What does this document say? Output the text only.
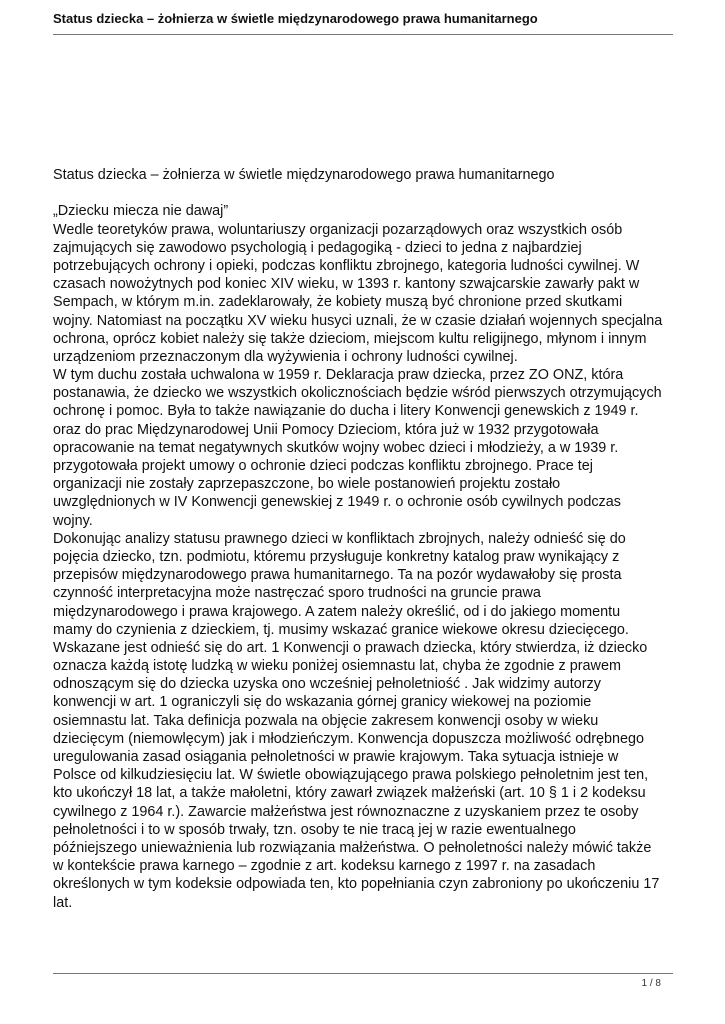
Status dziecka – żołnierza w świetle międzynarodowego prawa humanitarnego
Status dziecka – żołnierza w świetle międzynarodowego prawa humanitarnego
„Dziecku miecza nie dawaj”
Wedle teoretyków prawa, woluntariuszy organizacji pozarządowych oraz wszystkich osób
zajmujących się zawodowo psychologią i pedagogiką - dzieci to jedna z najbardziej
potrzebujących ochrony i opieki, podczas konfliktu zbrojnego, kategoria ludności cywilnej. W
czasach nowożytnych pod koniec XIV wieku, w 1393 r. kantony szwajcarskie zawarły pakt w
Sempach, w którym m.in. zadeklarowały, że kobiety muszą być chronione przed skutkami
wojny. Natomiast na początku XV wieku husyci uznali, że w czasie działań wojennych specjalna
ochrona, oprócz kobiet należy się także dzieciom, miejscom kultu religijnego, młynom i innym
urządzeniom przeznaczonym dla wyżywienia i ochrony ludności cywilnej.
W tym duchu została uchwalona w 1959 r. Deklaracja praw dziecka, przez ZO ONZ, która
postanawia, że dziecko we wszystkich okolicznościach będzie wśród pierwszych otrzymujących
ochronę i pomoc. Była to także nawiązanie do ducha i litery Konwencji genewskich z 1949 r.
oraz do prac Międzynarodowej Unii Pomocy Dzieciom, która już w 1932 przygotowała
opracowanie na temat negatywnych skutków wojny wobec dzieci i młodzieży, a w 1939 r.
przygotowała projekt umowy o ochronie dzieci podczas konfliktu zbrojnego. Prace tej
organizacji nie zostały zaprzepaszczone, bo wiele postanowień projektu zostało
uwzględnionych w IV Konwencji genewskiej z 1949 r. o ochronie osób cywilnych podczas
wojny.
Dokonując analizy statusu prawnego dzieci w konfliktach zbrojnych, należy odnieść się do
pojęcia dziecko, tzn. podmiotu, któremu przysługuje konkretny katalog praw wynikający z
przepisów międzynarodowego prawa humanitarnego. Ta na pozór wydawałoby się prosta
czynność interpretacyjna może nastręczać sporo trudności na gruncie prawa
międzynarodowego i prawa krajowego. A zatem należy określić, od i do jakiego momentu
mamy do czynienia z dzieckiem, tj. musimy wskazać granice wiekowe okresu dziecięcego.
Wskazane jest odnieść się do art. 1 Konwencji o prawach dziecka, który stwierdza, iż dziecko
oznacza każdą istotę ludzką w wieku poniżej osiemnastu lat, chyba że zgodnie z prawem
odnoszącym się do dziecka uzyska ono wcześniej pełnoletniość . Jak widzimy autorzy
konwencji w art. 1 ograniczyli się do wskazania górnej granicy wiekowej na poziomie
osiemnastu lat. Taka definicja pozwala na objęcie zakresem konwencji osoby w wieku
dziecięcym (niemowlęcym) jak i młodzieńczym. Konwencja dopuszcza możliwość odrębnego
uregulowania zasad osiągania pełnoletności w prawie krajowym. Taka sytuacja istnieje w
Polsce od kilkudziesięciu lat. W świetle obowiązującego prawa polskiego pełnoletnim jest ten,
kto ukończył 18 lat, a także małoletni, który zawarł związek małżeński (art. 10 § 1 i 2 kodeksu
cywilnego z 1964 r.). Zawarcie małżeństwa jest równoznaczne z uzyskaniem przez te osoby
pełnoletności i to w sposób trwały, tzn. osoby te nie tracą jej w razie ewentualnego
późniejszego unieważnienia lub rozwiązania małżeństwa. O pełnoletności należy mówić także
w kontekście prawa karnego – zgodnie z art. kodeksu karnego z 1997 r. na zasadach
określonych w tym kodeksie odpowiada ten, kto popełniania czyn zabroniony po ukończeniu 17
lat.
1 / 8
